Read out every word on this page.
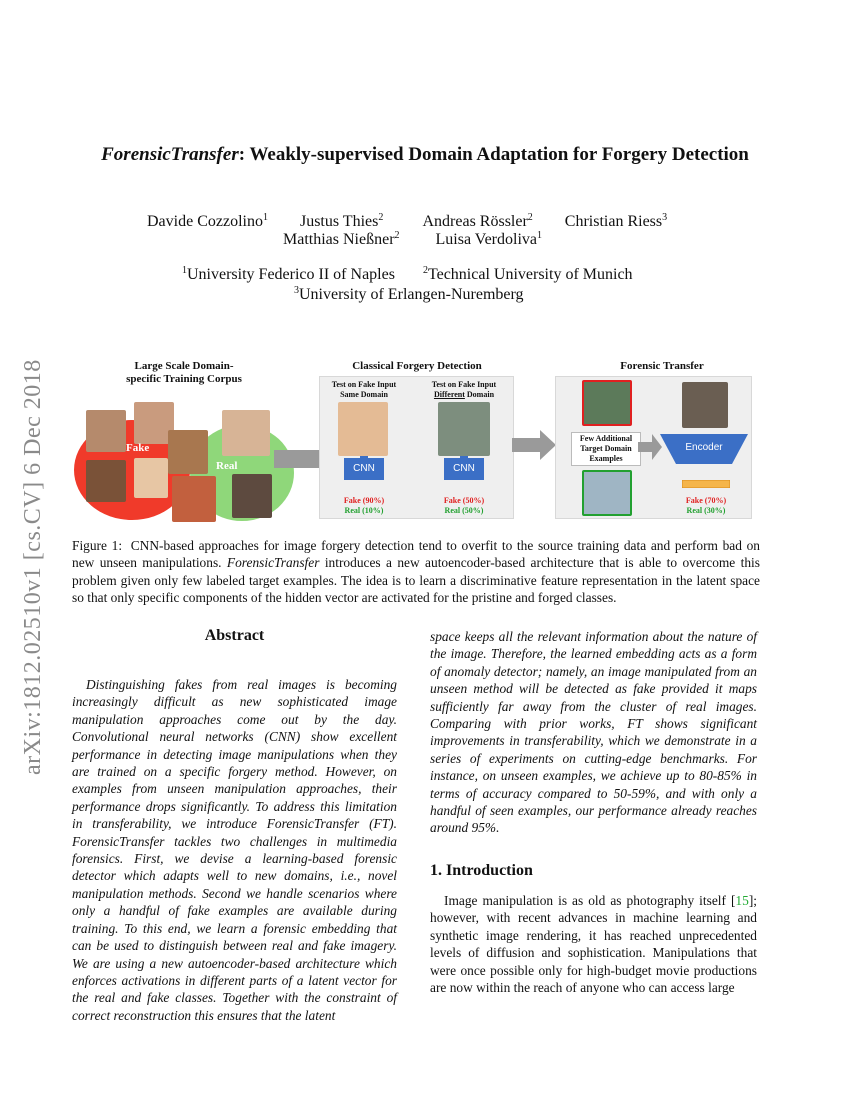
arXiv:1812.02510v1 [cs.CV] 6 Dec 2018
ForensicTransfer: Weakly-supervised Domain Adaptation for Forgery Detection
Davide Cozzolino$^1$ Justus Thies$^2$ Andreas Rössler$^2$ Christian Riess$^3$
Matthias Nießner$^2$ Luisa Verdoliva$^1$
$^1$University Federico II of Naples	$^2$Technical University of Munich
$^3$University of Erlangen-Nuremberg
Large Scale Domain-specific Training Corpus
Fake
Real
Classical Forgery Detection
Test on Fake Input Same Domain
Test on Fake Input
Different Domain
CNN	CNN
Fake (90%)
Real (10%)
Fake (50%)
Real (50%)
Forensic Transfer
Few Additional Target Domain Examples
Encoder
Fake (70%)
Real (30%)
Figure 1: CNN-based approaches for image forgery detection tend to overfit to the source training data and perform bad on new unseen manipulations. ForensicTransfer introduces a new autoencoder-based architecture that is able to overcome this problem given only few labeled target examples. The idea is to learn a discriminative feature representation in the latent space so that only specific components of the hidden vector are activated for the pristine and forged classes.
Abstract

Distinguishing fakes from real images is becoming increasingly difficult as new sophisticated image manipulation approaches come out by the day. Convolutional neural networks (CNN) show excellent performance in detecting image manipulations when they are trained on a specific forgery method. However, on examples from unseen manipulation approaches, their performance drops significantly. To address this limitation in transferability, we introduce ForensicTransfer (FT). ForensicTransfer tackles two challenges in multimedia forensics. First, we devise a learning-based forensic detector which adapts well to new domains, i.e., novel manipulation methods. Second we handle scenarios where only a handful of fake examples are available during training. To this end, we learn a forensic embedding that can be used to distinguish between real and fake imagery. We are using a new autoencoder-based architecture which enforces activations in different parts of a latent vector for the real and fake classes. Together with the constraint of correct reconstruction this ensures that the latent

space keeps all the relevant information about the nature of the image. Therefore, the learned embedding acts as a form of anomaly detector; namely, an image manipulated from an unseen method will be detected as fake provided it maps sufficiently far away from the cluster of real images. Comparing with prior works, FT shows significant improvements in transferability, which we demonstrate in a series of experiments on cutting-edge benchmarks. For instance, on unseen examples, we achieve up to 80-85% in terms of accuracy compared to 50-59%, and with only a handful of seen examples, our performance already reaches around 95%.

1. Introduction

Image manipulation is as old as photography itself [15]; however, with recent advances in machine learning and synthetic image rendering, it has reached unprecedented levels of diffusion and sophistication. Manipulations that were once possible only for high-budget movie productions are now within the reach of anyone who can access large
